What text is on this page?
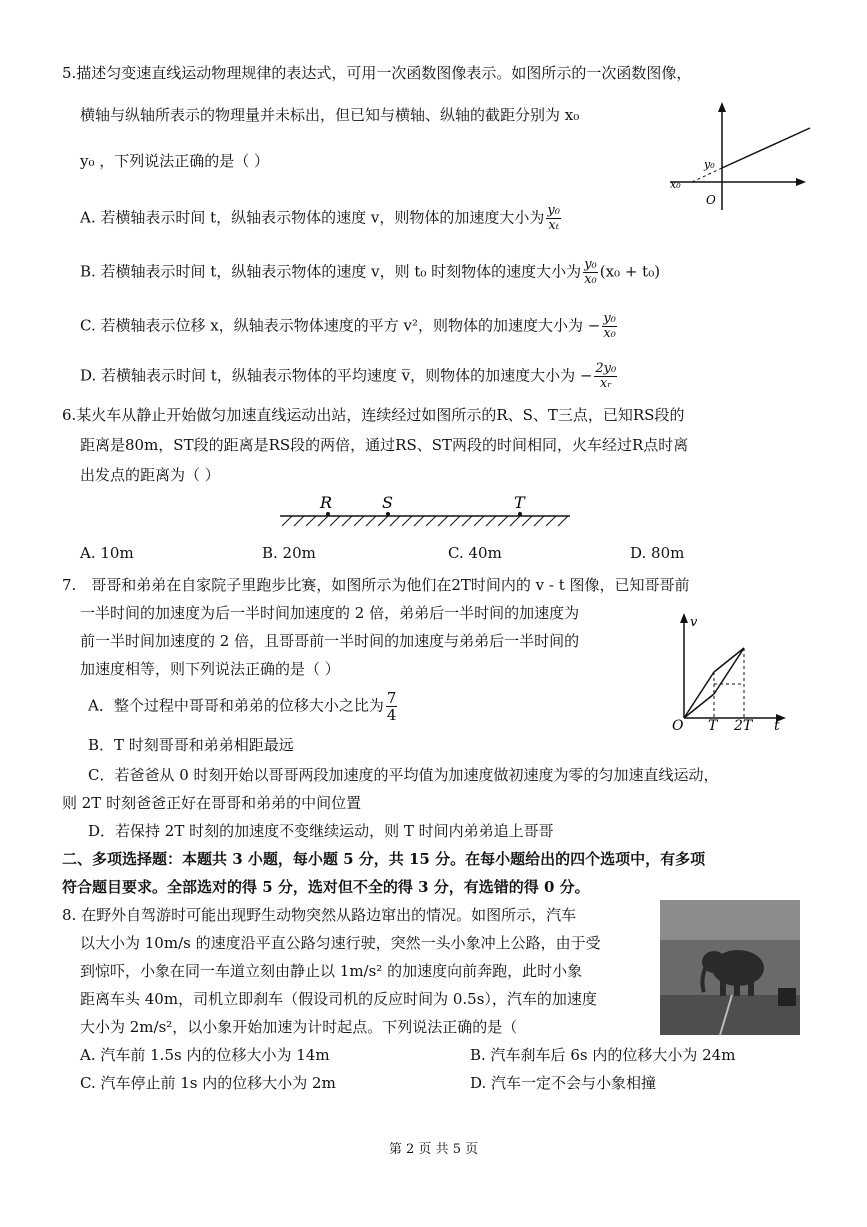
5.描述匀变速直线运动物理规律的表达式，可用一次函数图像表示。如图所示的一次函数图像，
横轴与纵轴所表示的物理量并未标出，但已知与横轴、纵轴的截距分别为 x₀
y₀ ，下列说法正确的是（ ）	y₀
x₀
O
A. 若横轴表示时间 t，纵轴表示物体的速度 v，则物体的加速度大小为 $\frac{\text{y₀}}{\text{xₜ}}$
B. 若横轴表示时间 t，纵轴表示物体的速度 v，则 t₀ 时刻物体的速度大小为 $\frac{\text{y₀}}{\text{x₀}} (x_0 + t_0)$
C. 若横轴表示位移 x，纵轴表示物体速度的平方 v²，则物体的加速度大小为 − $\frac{\text{y₀}}{\text{x₀}}$
D. 若横轴表示时间 t，纵轴表示物体的平均速度 v̅，则物体的加速度大小为 − $\frac{\text{2y₀}}{\text{xᵣ}}$
6.某火车从静止开始做匀加速直线运动出站，连续经过如图所示的R、S、T三点，已知RS段的
距离是80m，ST段的距离是RS段的两倍，通过RS、ST两段的时间相同，火车经过R点时离
出发点的距离为（ ）
R	S	T
A. 10m	B. 20m	C. 40m	D. 80m
7.　哥哥和弟弟在自家院子里跑步比赛，如图所示为他们在2T时间内的 v - t 图像，已知哥哥前
一半时间的加速度为后一半时间加速度的 2 倍，弟弟后一半时间的加速度为
前一半时间加速度的 2 倍，且哥哥前一半时间的加速度与弟弟后一半时间的
加速度相等，则下列说法正确的是（ ）
v
O T 2T t
A．整个过程中哥哥和弟弟的位移大小之比为 $\frac{7}{4}$
B．T 时刻哥哥和弟弟相距最远
C．若爸爸从 0 时刻开始以哥哥两段加速度的平均值为加速度做初速度为零的匀加速直线运动，
则 2T 时刻爸爸正好在哥哥和弟弟的中间位置
D．若保持 2T 时刻的加速度不变继续运动，则 T 时间内弟弟追上哥哥
二、多项选择题：本题共 3 小题，每小题 5 分，共 15 分。在每小题给出的四个选项中，有多项
符合题目要求。全部选对的得 5 分，选对但不全的得 3 分，有选错的得 0 分。
8. 在野外自驾游时可能出现野生动物突然从路边窜出的情况。如图所示，汽车
以大小为 10m/s 的速度沿平直公路匀速行驶，突然一头小象冲上公路，由于受
到惊吓，小象在同一车道立刻由静止以 1m/s² 的加速度向前奔跑，此时小象
距离车头 40m，司机立即刹车（假设司机的反应时间为 0.5s），汽车的加速度
大小为 2m/s²，以小象开始加速为计时起点。下列说法正确的是（
A. 汽车前 1.5s 内的位移大小为 14m	B. 汽车刹车后 6s 内的位移大小为 24m
C. 汽车停止前 1s 内的位移大小为 2m	D. 汽车一定不会与小象相撞
第 2 页 共 5 页
